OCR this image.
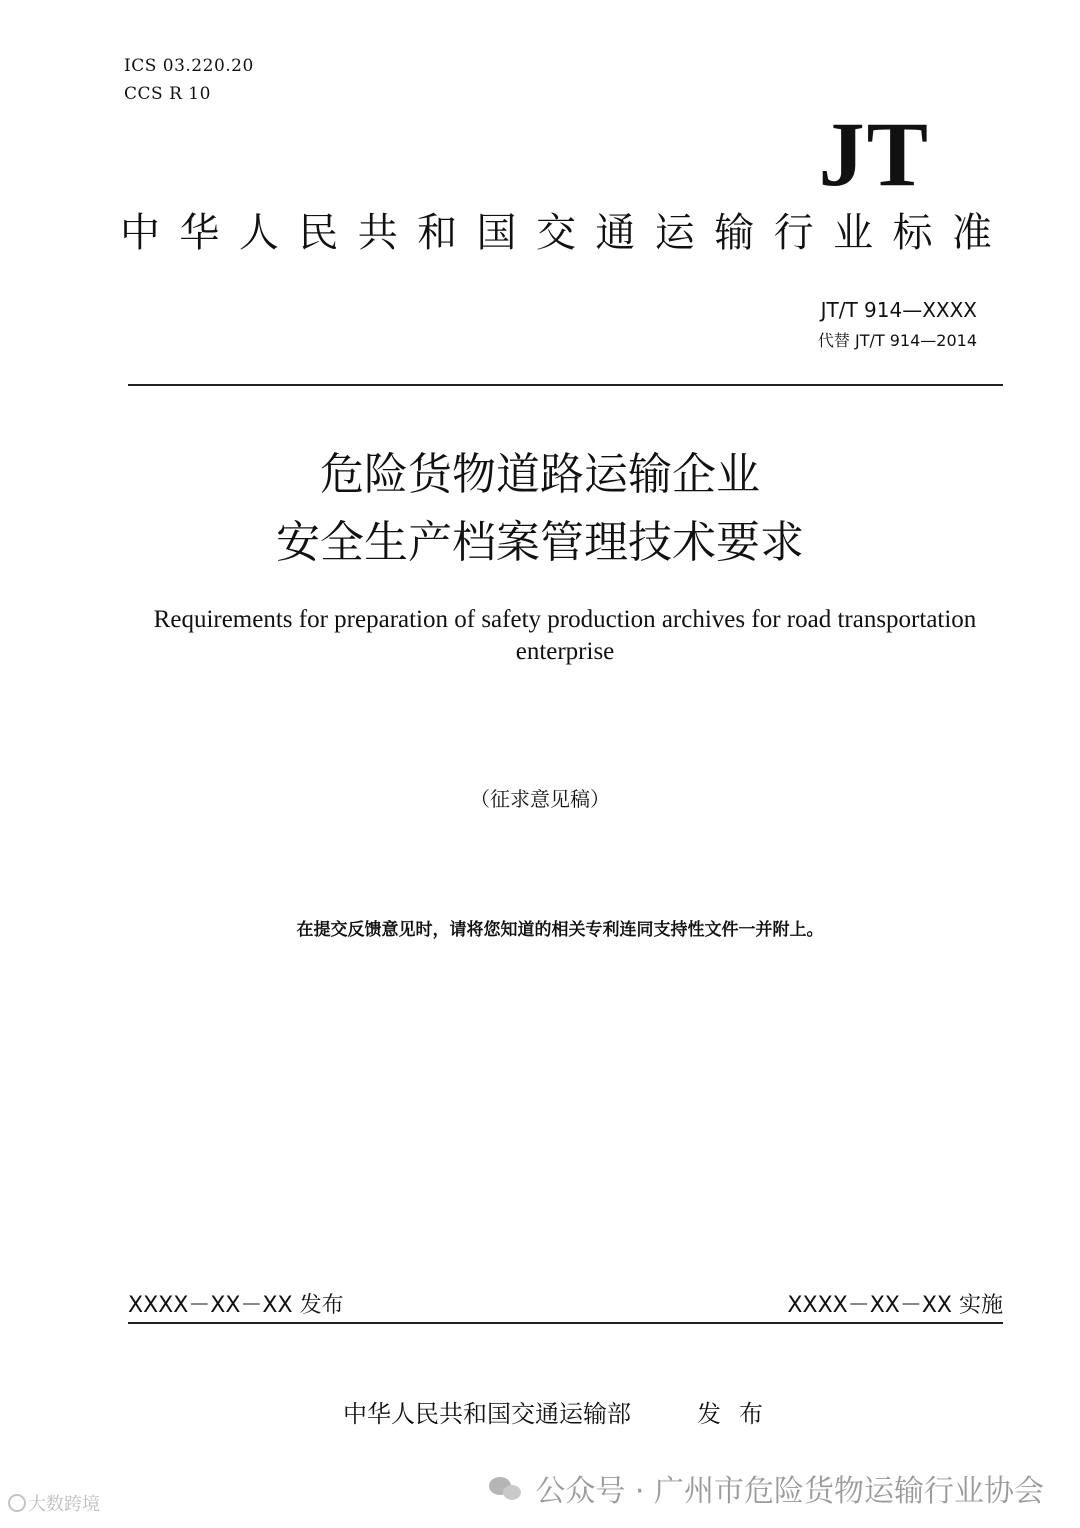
ICS 03.220.20
CCS R 10
JT
中 华 人 民 共 和 国 交 通 运 输 行 业 标 准
JT/T 914—XXXX
代替 JT/T 914—2014
危险货物道路运输企业
安全生产档案管理技术要求
Requirements for preparation of safety production archives for road transportation enterprise
（征求意见稿）
在提交反馈意见时，请将您知道的相关专利连同支持性文件一并附上。
XXXX－XX－XX 发布	XXXX－XX－XX 实施
中华人民共和国交通运输部	发布
公众号 · 广州市危险货物运输行业协会
大数跨境
